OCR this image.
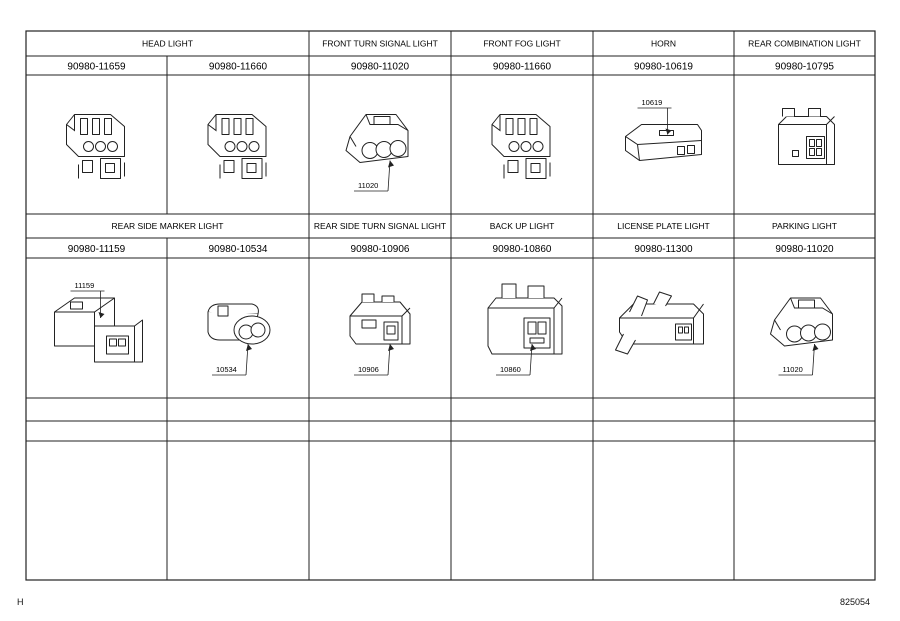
HEAD LIGHT	FRONT TURN SIGNAL LIGHT	FRONT FOG LIGHT	HORN	REAR COMBINATION LIGHT
90980-11659	90980-11660	90980-11020	90980-11660	90980-10619	90980-10795
REAR SIDE MARKER LIGHT	REAR SIDE TURN SIGNAL LIGHT	BACK UP LIGHT	LICENSE PLATE LIGHT	PARKING LIGHT
90980-11159	90980-10534	90980-10906	90980-10860	90980-11300	90980-11020
11020
10619
11159
10534	10906	10860	11020
H	825054
